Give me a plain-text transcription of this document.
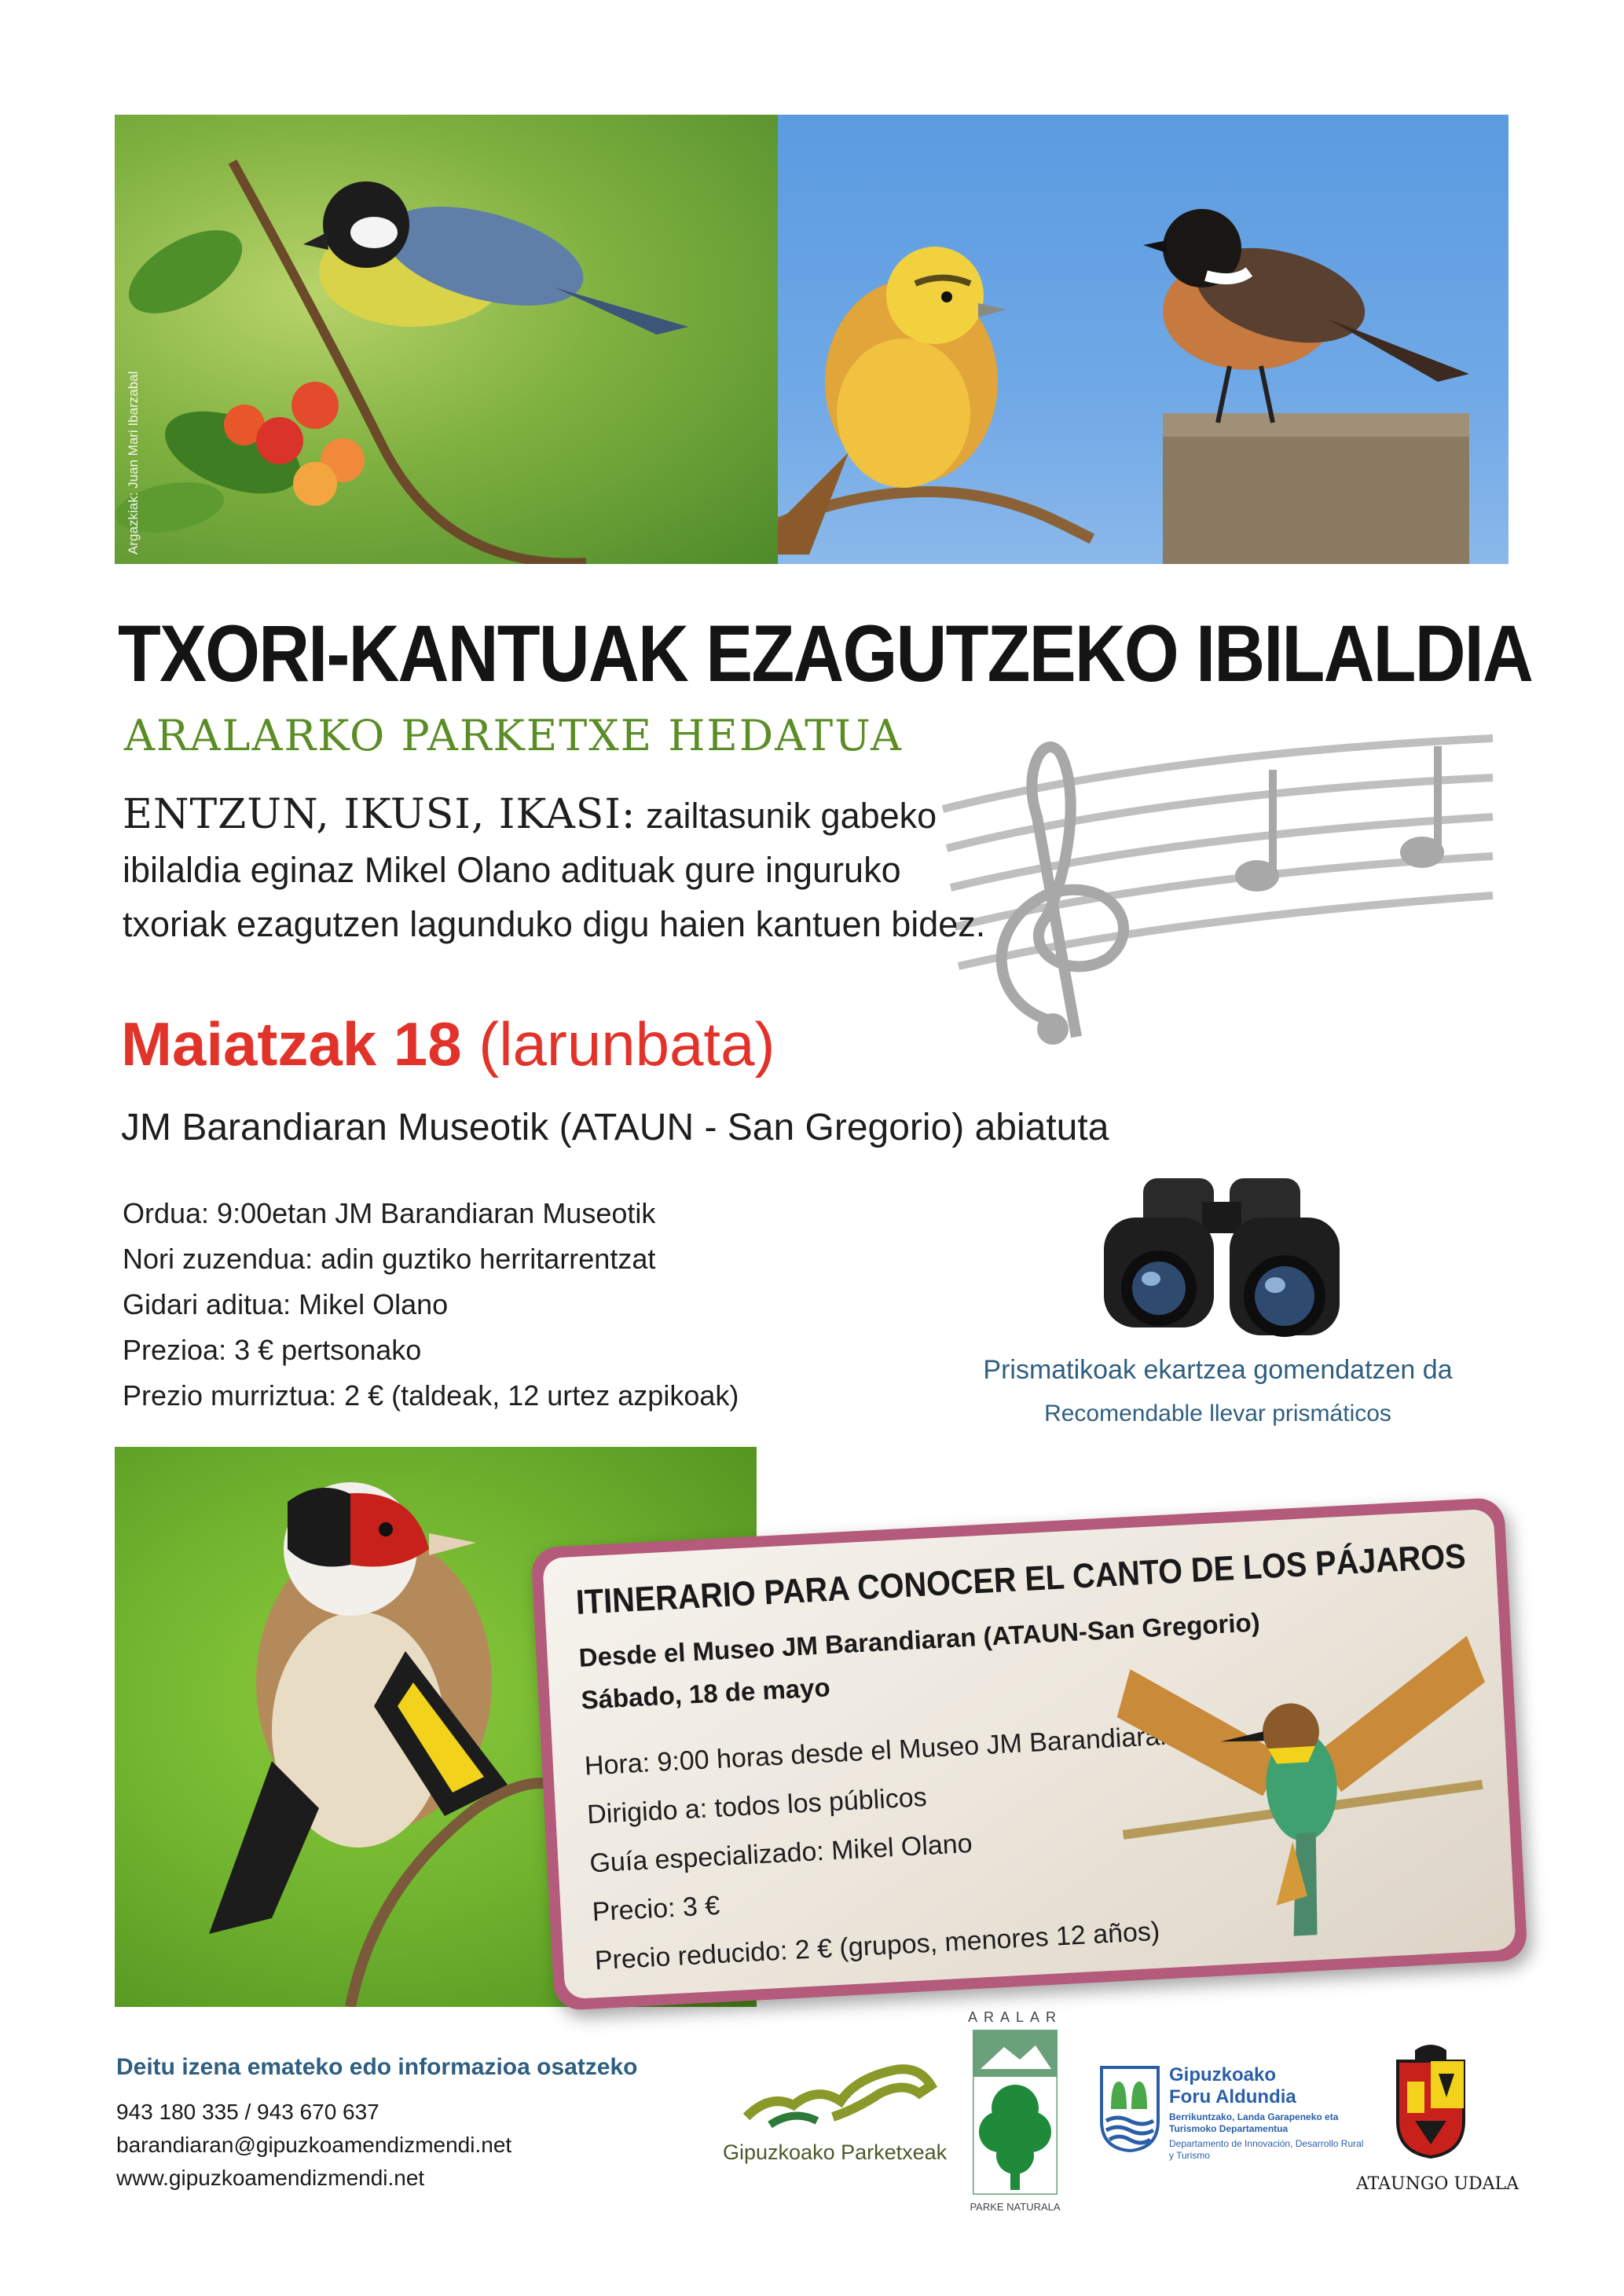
Argazkiak: Juan Mari Ibarzabal
TXORI-KANTUAK EZAGUTZEKO IBILALDIA
ARALARKO PARKETXE HEDATUA
ENTZUN, IKUSI, IKASI: zailtasunik gabeko
ibilaldia eginaz Mikel Olano adituak gure inguruko
txoriak ezagutzen lagunduko digu haien kantuen bidez.
Maiatzak 18 (larunbata)
JM Barandiaran Museotik (ATAUN - San Gregorio) abiatuta
Ordua: 9:00etan JM Barandiaran Museotik
Nori zuzendua: adin guztiko herritarrentzat
Gidari aditua: Mikel Olano
Prezioa: 3 € pertsonako
Prezio murriztua: 2 € (taldeak, 12 urtez azpikoak)
Prismatikoak ekartzea gomendatzen da
Recomendable llevar prismáticos
ITINERARIO PARA CONOCER EL CANTO DE LOS PÁJAROS
Desde el Museo JM Barandiaran (ATAUN-San Gregorio)
Sábado, 18 de mayo
Hora: 9:00 horas desde el Museo JM Barandiaran
Dirigido a: todos los públicos
Guía especializado: Mikel Olano
Precio: 3 €
Precio reducido: 2 € (grupos, menores 12 años)
Deitu izena emateko edo informazioa osatzeko
943 180 335 / 943 670 637
barandiaran@gipuzkoamendizmendi.net
www.gipuzkoamendizmendi.net
Gipuzkoako Parketxeak
ARALAR
PARKE NATURALA
Gipuzkoako
Foru Aldundia
Berrikuntzako, Landa Garapeneko eta Turismoko Departamentua
Departamento de Innovación, Desarrollo Rural y Turismo
ATAUNGO UDALA
